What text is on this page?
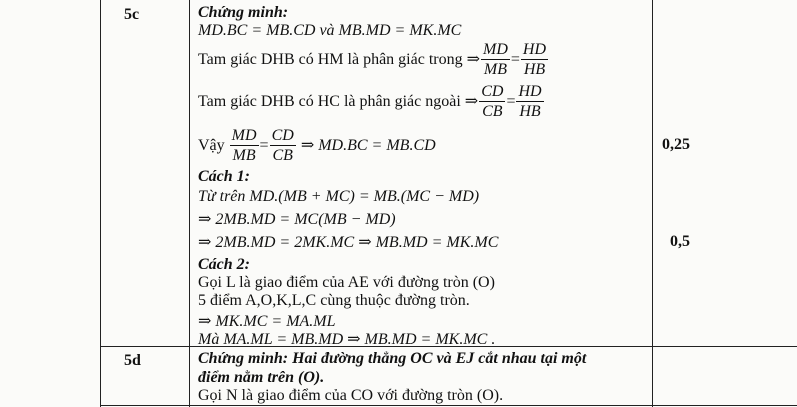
5c
0,25
0,5
Chứng minh:
MD.BC = MB.CD và MB.MD = MK.MC
Tam giác DHB có HM là phân giác trong ⇒ $\frac{MD}{MB} = \frac{HD}{HB}$
Tam giác DHB có HC là phân giác ngoài ⇒ $\frac{CD}{CB} = \frac{HD}{HB}$
Vậy
$\frac{MD}{MB} = \frac{CD}{CB}$
⇒ MD.BC = MB.CD
Cách 1:
Từ trên MD.(MB + MC) = MB.(MC − MD)
⇒ 2MB.MD = MC(MB − MD)
⇒ 2MB.MD = 2MK.MC ⇒ MB.MD = MK.MC
Cách 2:
Gọi L là giao điểm của AE với đường tròn (O)
5 điểm A,O,K,L,C cùng thuộc đường tròn.
⇒ MK.MC = MA.ML
Mà MA.ML = MB.MD ⇒ MB.MD = MK.MC .
5d	Chứng minh: Hai đường thẳng OC và EJ cắt nhau tại một
điểm nằm trên (O).
Gọi N là giao điểm của CO với đường tròn (O).
